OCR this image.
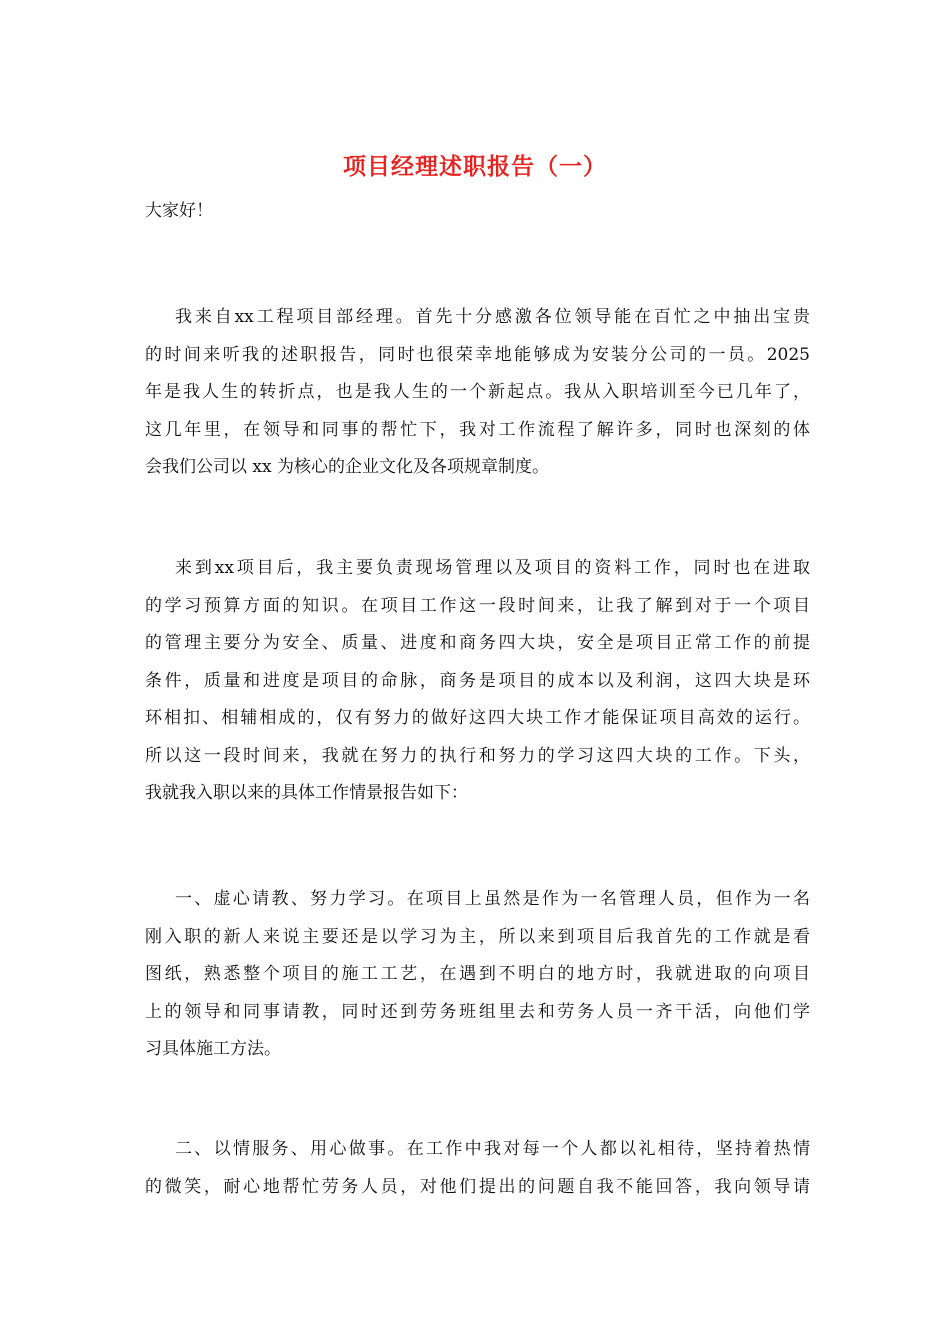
项目经理述职报告（一）
大家好！
我来自xx工程项目部经理。首先十分感激各位领导能在百忙之中抽出宝贵
的时间来听我的述职报告，同时也很荣幸地能够成为安装分公司的一员。2025
年是我人生的转折点，也是我人生的一个新起点。我从入职培训至今已几年了，
这几年里，在领导和同事的帮忙下，我对工作流程了解许多，同时也深刻的体
会我们公司以 xx 为核心的企业文化及各项规章制度。
来到xx项目后，我主要负责现场管理以及项目的资料工作，同时也在进取
的学习预算方面的知识。在项目工作这一段时间来，让我了解到对于一个项目
的管理主要分为安全、质量、进度和商务四大块，安全是项目正常工作的前提
条件，质量和进度是项目的命脉，商务是项目的成本以及利润，这四大块是环
环相扣、相辅相成的，仅有努力的做好这四大块工作才能保证项目高效的运行。
所以这一段时间来，我就在努力的执行和努力的学习这四大块的工作。下头，
我就我入职以来的具体工作情景报告如下：
一、虚心请教、努力学习。在项目上虽然是作为一名管理人员，但作为一名
刚入职的新人来说主要还是以学习为主，所以来到项目后我首先的工作就是看
图纸，熟悉整个项目的施工工艺，在遇到不明白的地方时，我就进取的向项目
上的领导和同事请教，同时还到劳务班组里去和劳务人员一齐干活，向他们学
习具体施工方法。
二、以情服务、用心做事。在工作中我对每一个人都以礼相待，坚持着热情
的微笑，耐心地帮忙劳务人员，对他们提出的问题自我不能回答，我向领导请
